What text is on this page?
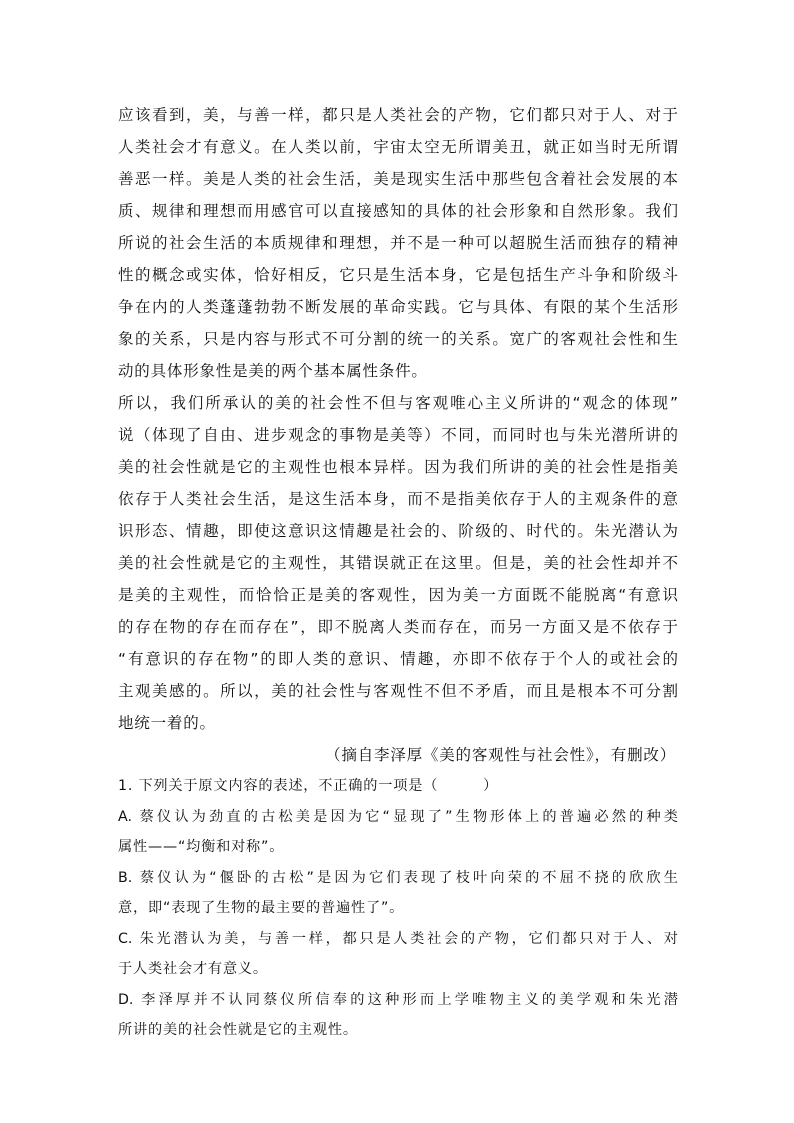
应该看到，美，与善一样，都只是人类社会的产物，它们都只对于人、对于
人类社会才有意义。在人类以前，宇宙太空无所谓美丑，就正如当时无所谓
善恶一样。美是人类的社会生活，美是现实生活中那些包含着社会发展的本
质、规律和理想而用感官可以直接感知的具体的社会形象和自然形象。我们
所说的社会生活的本质规律和理想，并不是一种可以超脱生活而独存的精神
性的概念或实体，恰好相反，它只是生活本身，它是包括生产斗争和阶级斗
争在内的人类蓬蓬勃勃不断发展的革命实践。它与具体、有限的某个生活形
象的关系，只是内容与形式不可分割的统一的关系。宽广的客观社会性和生
动的具体形象性是美的两个基本属性条件。
所以，我们所承认的美的社会性不但与客观唯心主义所讲的“观念的体现”
说（体现了自由、进步观念的事物是美等）不同，而同时也与朱光潜所讲的
美的社会性就是它的主观性也根本异样。因为我们所讲的美的社会性是指美
依存于人类社会生活，是这生活本身，而不是指美依存于人的主观条件的意
识形态、情趣，即使这意识这情趣是社会的、阶级的、时代的。朱光潜认为
美的社会性就是它的主观性，其错误就正在这里。但是，美的社会性却并不
是美的主观性，而恰恰正是美的客观性，因为美一方面既不能脱离“有意识
的存在物的存在而存在”，即不脱离人类而存在，而另一方面又是不依存于
“有意识的存在物”的即人类的意识、情趣，亦即不依存于个人的或社会的
主观美感的。所以，美的社会性与客观性不但不矛盾，而且是根本不可分割
地统一着的。
（摘自李泽厚《美的客观性与社会性》，有删改）
1. 下列关于原文内容的表述，不正确的一项是（　　　）
A. 蔡仪认为劲直的古松美是因为它“显现了”生物形体上的普遍必然的种类
属性——“均衡和对称”。
B. 蔡仪认为“偃卧的古松”是因为它们表现了枝叶向荣的不屈不挠的欣欣生
意，即“表现了生物的最主要的普遍性了”。
C. 朱光潜认为美，与善一样，都只是人类社会的产物，它们都只对于人、对
于人类社会才有意义。
D. 李泽厚并不认同蔡仪所信奉的这种形而上学唯物主义的美学观和朱光潜
所讲的美的社会性就是它的主观性。
